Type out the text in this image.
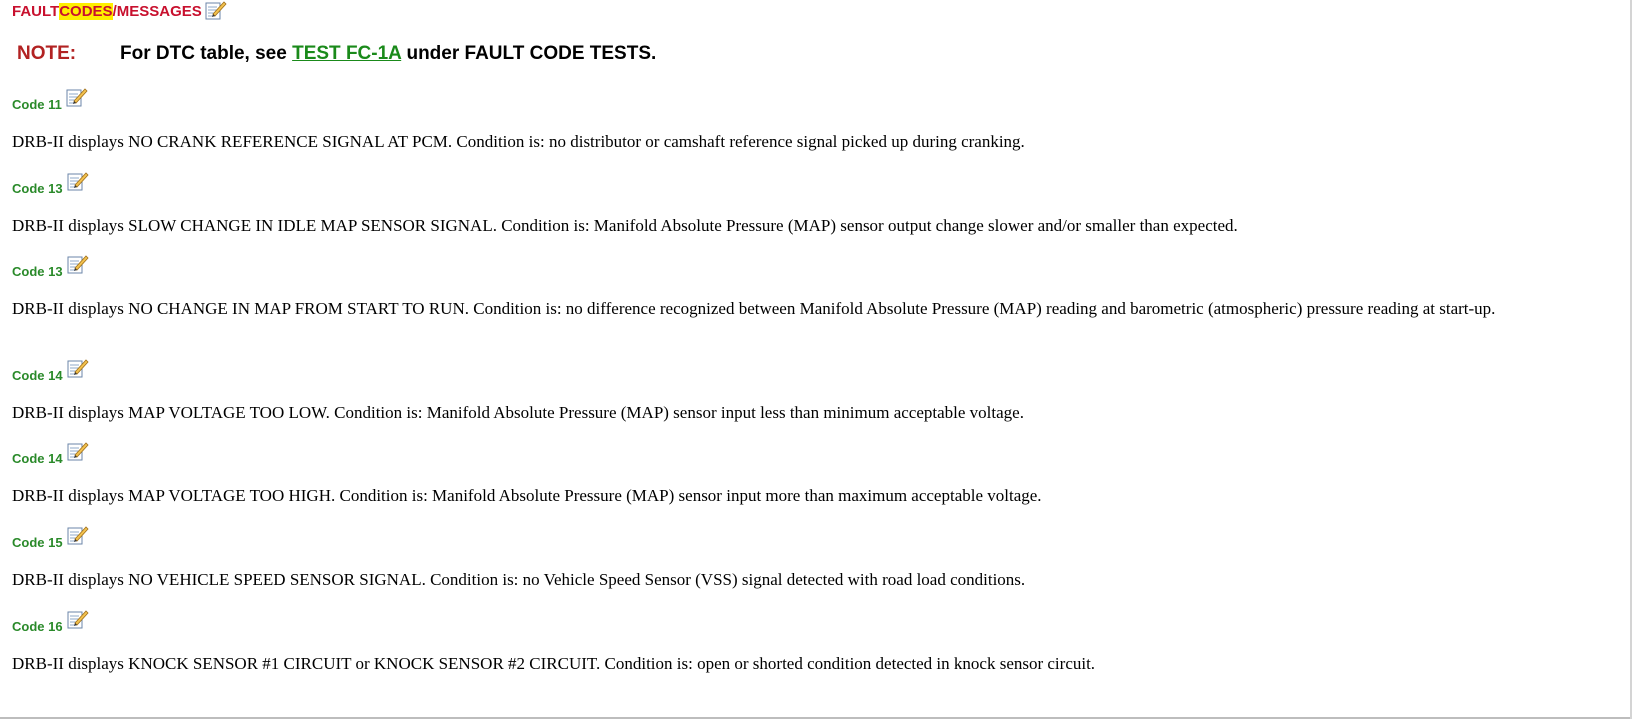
FAULT CODES /MESSAGES
NOTE: For DTC table, see TEST FC-1A under FAULT CODE TESTS.
Code 11
DRB-II displays NO CRANK REFERENCE SIGNAL AT PCM. Condition is: no distributor or camshaft reference signal picked up during cranking.
Code 13
DRB-II displays SLOW CHANGE IN IDLE MAP SENSOR SIGNAL. Condition is: Manifold Absolute Pressure (MAP) sensor output change slower and/or smaller than expected.
Code 13
DRB-II displays NO CHANGE IN MAP FROM START TO RUN. Condition is: no difference recognized between Manifold Absolute Pressure (MAP) reading and barometric (atmospheric) pressure reading at start-up.
Code 14
DRB-II displays MAP VOLTAGE TOO LOW. Condition is: Manifold Absolute Pressure (MAP) sensor input less than minimum acceptable voltage.
Code 14
DRB-II displays MAP VOLTAGE TOO HIGH. Condition is: Manifold Absolute Pressure (MAP) sensor input more than maximum acceptable voltage.
Code 15
DRB-II displays NO VEHICLE SPEED SENSOR SIGNAL. Condition is: no Vehicle Speed Sensor (VSS) signal detected with road load conditions.
Code 16
DRB-II displays KNOCK SENSOR #1 CIRCUIT or KNOCK SENSOR #2 CIRCUIT. Condition is: open or shorted condition detected in knock sensor circuit.
